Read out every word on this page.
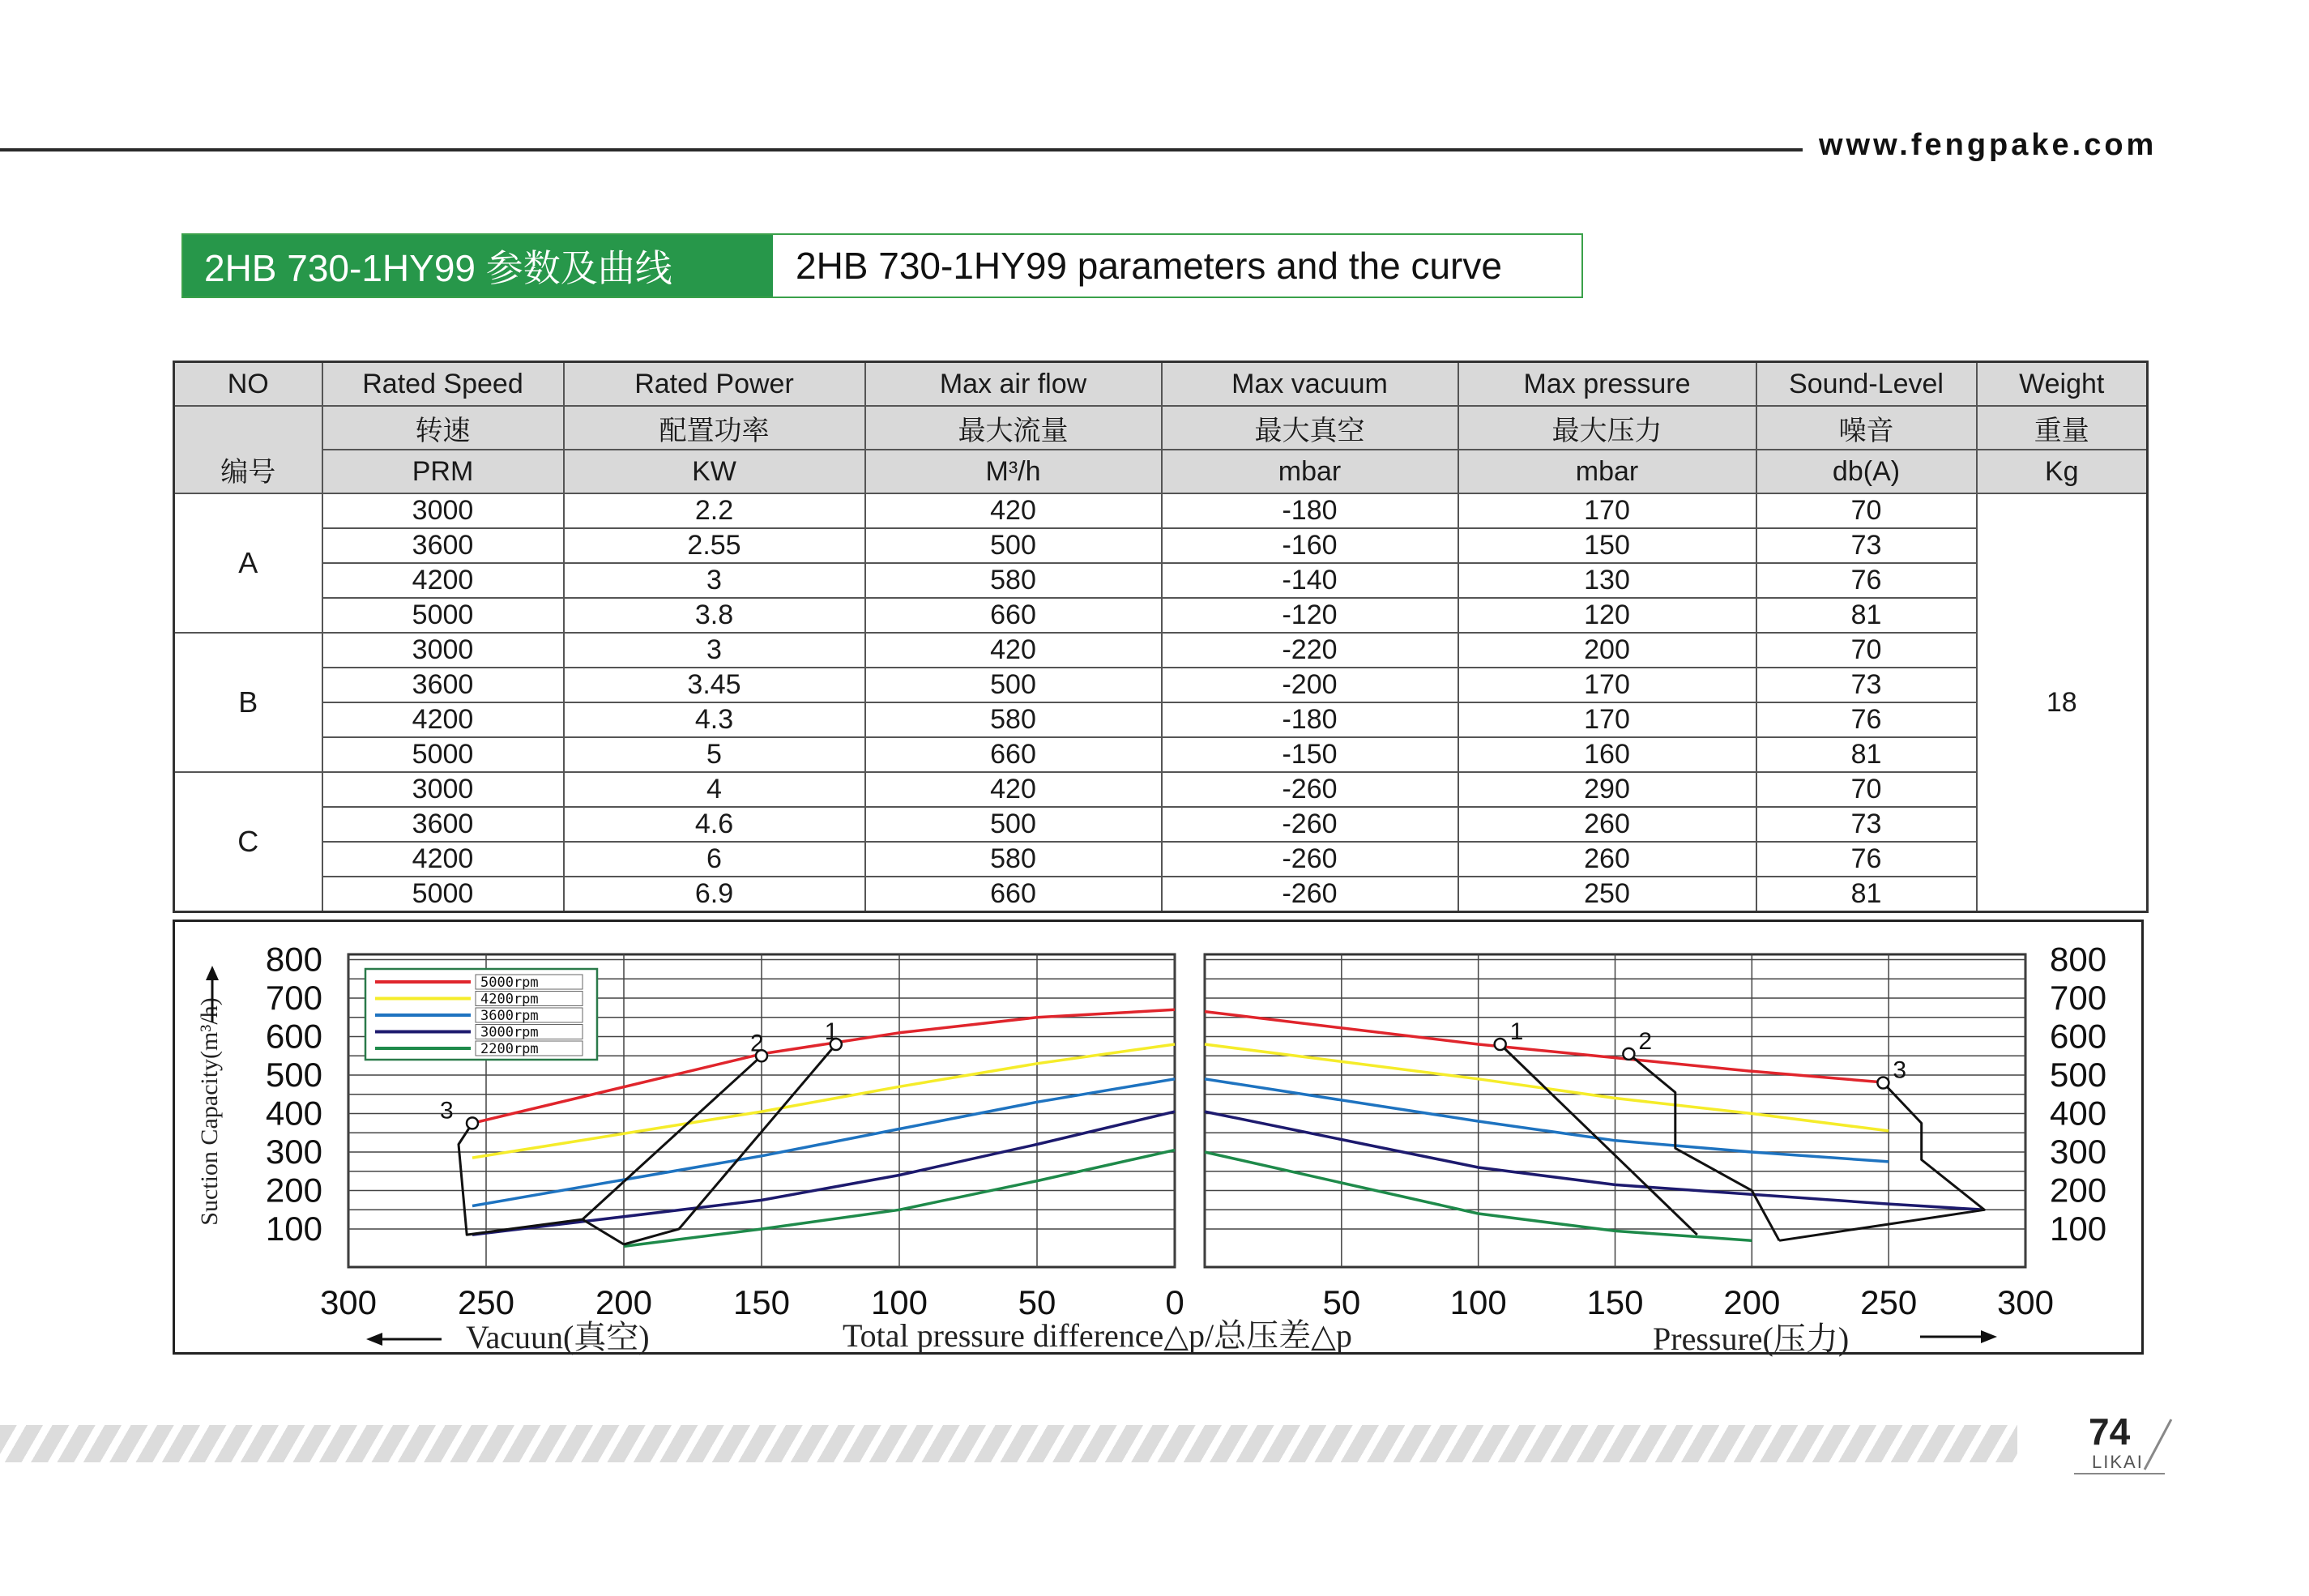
www.fengpake.com
2HB 730-1HY99 参数及曲线	2HB 730-1HY99 parameters and the curve
NO	Rated Speed	Rated Power	Max air flow	Max vacuum	Max pressure	Sound-Level	Weight
编号	转速	配置功率	最大流量	最大真空	最大压力	噪音	重量
	PRM	KW	M³/h	mbar	mbar	db(A)	Kg
A	3000	2.2	420	-180	170	70	18
	3600	2.55	500	-160	150	73	
	4200	3	580	-140	130	76	
	5000	3.8	660	-120	120	81	
B	3000	3	420	-220	200	70	
	3600	3.45	500	-200	170	73	
	4200	4.3	580	-180	170	76	
	5000	5	660	-150	160	81	
C	3000	4	420	-260	290	70	
	3600	4.6	500	-260	260	73	
	4200	6	580	-260	260	76	
	5000	6.9	660	-260	250	81	
800	800
700	700
600	600
500	500
400	400
300	300
200	200
100	100
300 250 200 150 100	50	0	50	100 150 200 250 300
Suction Capacity(m³/h)
Vacuun(真空)	Total pressure difference△p/总压差△p	Pressure(压力)
1
2
3
1	2
3
5000rpm
4200rpm
3600rpm
3000rpm
2200rpm
74
LIKAI
